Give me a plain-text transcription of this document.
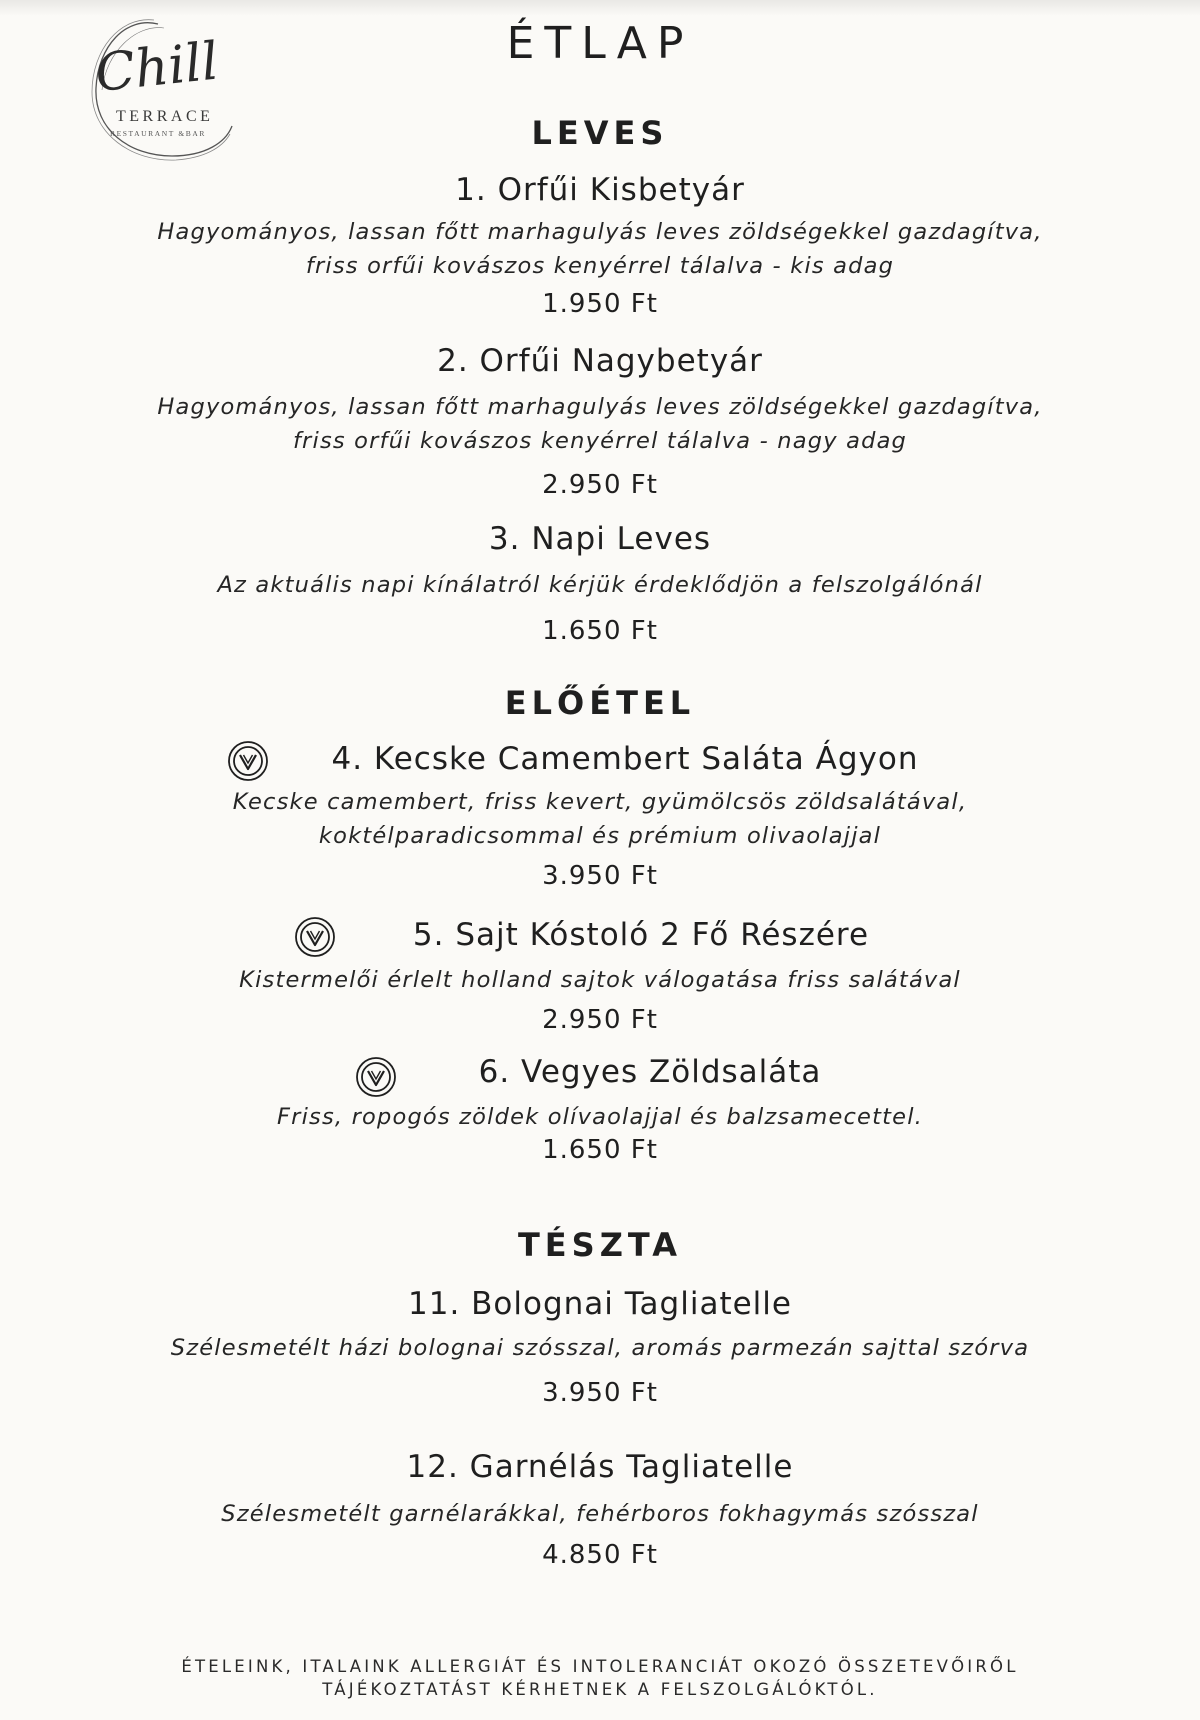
Chill
TERRACE
RESTAURANT &BAR
ÉTLAP
LEVES
1. Orfűi Kisbetyár
Hagyományos, lassan főtt marhagulyás leves zöldségekkel gazdagítva,
friss orfűi kovászos kenyérrel tálalva - kis adag
1.950 Ft
2. Orfűi Nagybetyár
Hagyományos, lassan főtt marhagulyás leves zöldségekkel gazdagítva,
friss orfűi kovászos kenyérrel tálalva - nagy adag
2.950 Ft
3. Napi Leves
Az aktuális napi kínálatról kérjük érdeklődjön a felszolgálónál
1.650 Ft
ELŐÉTEL
4. Kecske Camembert Saláta Ágyon
Kecske camembert, friss kevert, gyümölcsös zöldsalátával,
koktélparadicsommal és prémium olivaolajjal
3.950 Ft
5. Sajt Kóstoló 2 Fő Részére
Kistermelői érlelt holland sajtok válogatása friss salátával
2.950 Ft
6. Vegyes Zöldsaláta
Friss, ropogós zöldek olívaolajjal és balzsamecettel.
1.650 Ft
TÉSZTA
11. Bolognai Tagliatelle
Szélesmetélt házi bolognai szósszal, aromás parmezán sajttal szórva
3.950 Ft
12. Garnélás Tagliatelle
Szélesmetélt garnélarákkal, fehérboros fokhagymás szósszal
4.850 Ft
ÉTELEINK, ITALAINK ALLERGIÁT ÉS INTOLERANCIÁT OKOZÓ ÖSSZETEVŐIRŐL
TÁJÉKOZTATÁST KÉRHETNEK A FELSZOLGÁLÓKTÓL.
